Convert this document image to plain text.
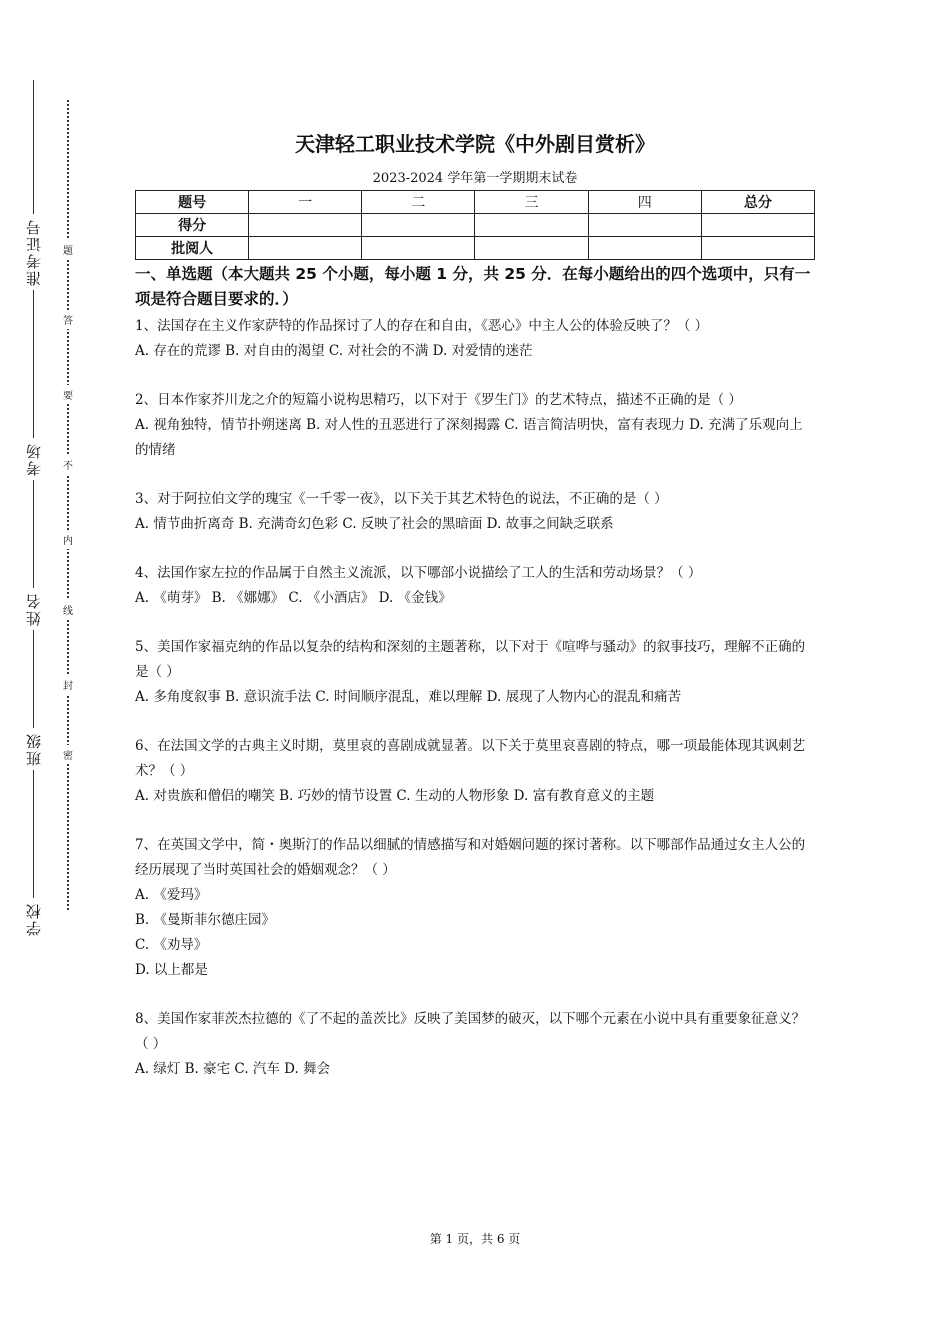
准考证号
考场
姓名
班级
学校
题
答
要
不
内
线
封
密
天津轻工职业技术学院《中外剧目赏析》
2023-2024 学年第一学期期末试卷
题号	一	二	三	四	总分
得分					
批阅人					
一、单选题（本大题共 25 个小题，每小题 1 分，共 25 分．在每小题给出的四个选项中，只有一项是符合题目要求的．）

1、法国存在主义作家萨特的作品探讨了人的存在和自由，《恶心》中主人公的体验反映了？（ ）

A. 存在的荒谬 B. 对自由的渴望 C. 对社会的不满 D. 对爱情的迷茫

2、日本作家芥川龙之介的短篇小说构思精巧，以下对于《罗生门》的艺术特点，描述不正确的是（ ）

A. 视角独特，情节扑朔迷离 B. 对人性的丑恶进行了深刻揭露 C. 语言简洁明快，富有表现力 D. 充满了乐观向上的情绪

3、对于阿拉伯文学的瑰宝《一千零一夜》，以下关于其艺术特色的说法，不正确的是（ ）

A. 情节曲折离奇 B. 充满奇幻色彩 C. 反映了社会的黑暗面 D. 故事之间缺乏联系

4、法国作家左拉的作品属于自然主义流派，以下哪部小说描绘了工人的生活和劳动场景？（ ）

A. 《萌芽》 B. 《娜娜》 C. 《小酒店》 D. 《金钱》

5、美国作家福克纳的作品以复杂的结构和深刻的主题著称，以下对于《喧哗与骚动》的叙事技巧，理解不正确的是（ ）

A. 多角度叙事 B. 意识流手法 C. 时间顺序混乱，难以理解 D. 展现了人物内心的混乱和痛苦

6、在法国文学的古典主义时期，莫里哀的喜剧成就显著。以下关于莫里哀喜剧的特点，哪一项最能体现其讽刺艺术？（ ）

A. 对贵族和僧侣的嘲笑 B. 巧妙的情节设置 C. 生动的人物形象 D. 富有教育意义的主题

7、在英国文学中，简・奥斯汀的作品以细腻的情感描写和对婚姻问题的探讨著称。以下哪部作品通过女主人公的经历展现了当时英国社会的婚姻观念？（ ）

A. 《爱玛》

B. 《曼斯菲尔德庄园》

C. 《劝导》

D. 以上都是

8、美国作家菲茨杰拉德的《了不起的盖茨比》反映了美国梦的破灭，以下哪个元素在小说中具有重要象征意义？（ ）

A. 绿灯 B. 豪宅 C. 汽车 D. 舞会

第 1 页，共 6 页
